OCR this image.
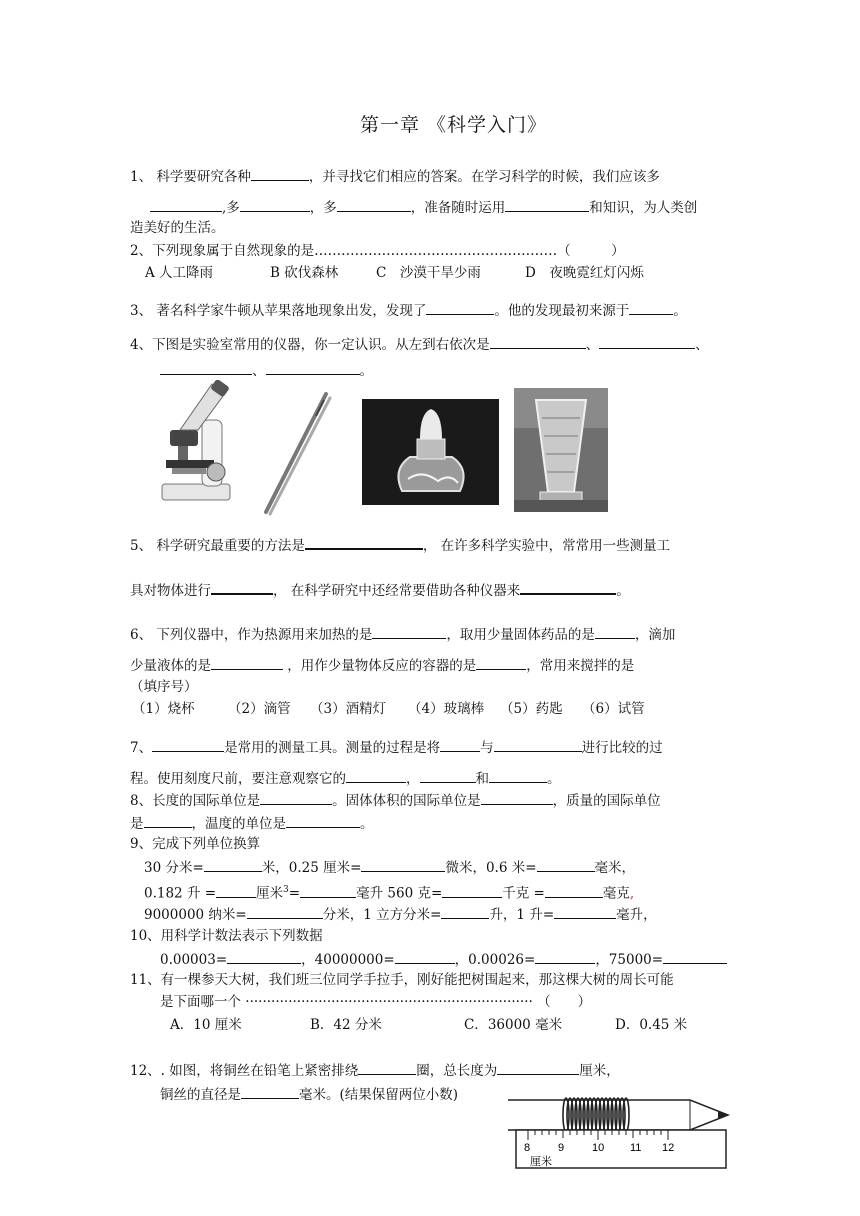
第一章 《科学入门》
1、 科学要研究各种	，并寻找它们相应的答案。在学习科学的时候，我们应该多
,多	，多	，准备随时运用	和知识，为人类创
造美好的生活。
2、下列现象属于自然现象的是………………………………………………（　　　）
A 人工降雨	B 砍伐森林	C　沙漠干旱少雨	D　夜晚霓红灯闪烁
3、 著名科学家牛顿从苹果落地现象出发，发现了	。他的发现最初来源于	。
4、下图是实验室常用的仪器，你一定认识。从左到右依次是	、	、
、	。
5、 科学研究最重要的方法是	， 在许多科学实验中，常常用一些测量工
具对物体进行	， 在科学研究中还经常要借助各种仪器来	。
6、 下列仪器中，作为热源用来加热的是	，取用少量固体药品的是	，滴加
少量液体的是	，用作少量物体反应的容器的是	，常用来搅拌的是
（填序号）
（1）烧杯 （2）滴管 （3）酒精灯 （4）玻璃棒 （5）药匙 （6）试管
7、	是常用的测量工具。测量的过程是将	与	进行比较的过
程。使用刻度尺前，要注意观察它的	，	和	。
8、长度的国际单位是	。固体体积的国际单位是	，质量的国际单位
是	，温度的单位是	。
9、完成下列单位换算
30 分米=	米，0.25 厘米=	微米，0.6 米=	毫米，
0.182 升 =	厘米$^3$=	毫升 560 克=	千克 =	毫克,
9000000 纳米=	分米，1 立方分米=	升，1 升=	毫升，
10、用科学计数法表示下列数据
0.00003=	，40000000=	，0.00026=	，75000=
11、有一棵参天大树，我们班三位同学手拉手，刚好能把树围起来，那这棵大树的周长可能
是下面哪一个 ··································································· （　　）
A．10 厘米	B．42 分米	C．36000 毫米	D．0.45 米
12、. 如图，将铜丝在铅笔上紧密排绕	圈，总长度为	厘米，
铜丝的直径是	毫米。(结果保留两位小数)
8	9	10 11 12
厘米
